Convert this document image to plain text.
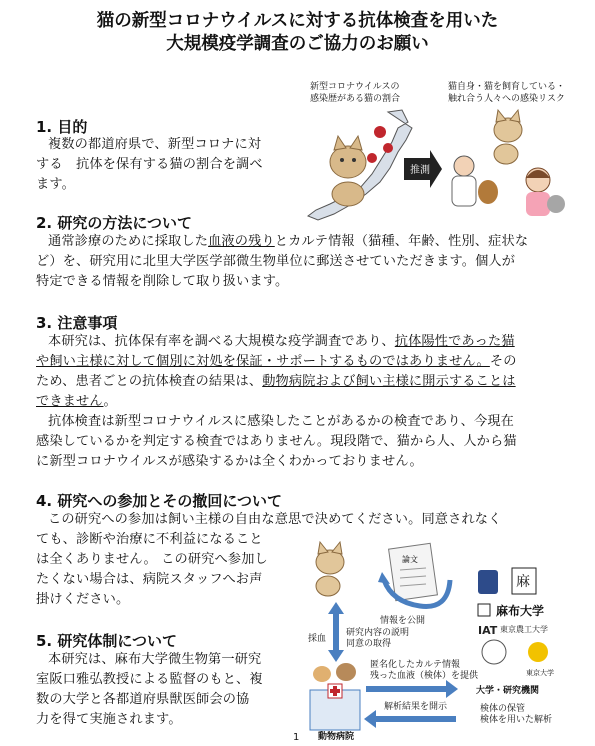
猫の新型コロナウイルスに対する抗体検査を用いた
大規模疫学調査のご協力のお願い
新型コロナウイルスの
感染歴がある猫の割合
猫自身・猫を飼育している・
触れ合う人々への感染リスク
推測
1. 目的
複数の都道府県で、新型コロナに対
する　抗体を保有する猫の割合を調べ
ます。
2. 研究の方法について
通常診療のために採取した血液の残りとカルテ情報（猫種、年齢、性別、症状な
ど）を、研究用に北里大学医学部微生物単位に郵送させていただきます。個人が
特定できる情報を削除して取り扱います。
3. 注意事項
本研究は、抗体保有率を調べる大規模な疫学調査であり、抗体陽性であった猫
や飼い主様に対して個別に対処を保証・サポートするものではありません。その
ため、患者ごとの抗体検査の結果は、動物病院および飼い主様に開示することは
できません。
抗体検査は新型コロナウイルスに感染したことがあるかの検査であり、今現在
感染しているかを判定する検査ではありません。現段階で、猫から人、人から猫
に新型コロナウイルスが感染するかは全くわかっておりません。
4. 研究への参加とその撤回について
この研究への参加は飼い主様の自由な意思で決めてください。同意されなく
ても、診断や治療に不利益になること
は全くありません。 この研究へ参加し
たくない場合は、病院スタッフへお声
掛けください。
5. 研究体制について
本研究は、麻布大学微生物第一研究
室阪口雅弘教授による監督のもと、複
数の大学と各都道府県獣医師会の協
力を得て実施されます。
論文
麻
IAT
情報を公開
採血
研究内容の説明
同意の取得
匿名化したカルテ情報
残った血液（検体）を提供
解析結果を開示
動物病院
麻布大学
東京農工大学
東京大学
大学・研究機関
検体の保管
検体を用いた解析
1
